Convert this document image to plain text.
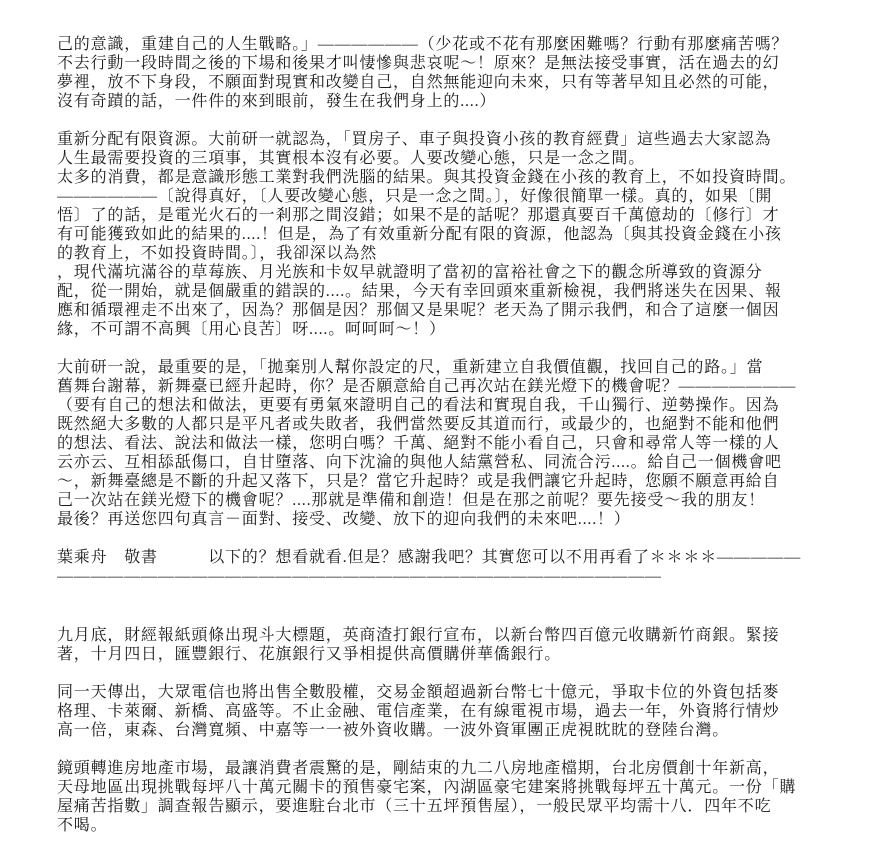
己的意識，重建自己的人生戰略。」——————（少花或不花有那麼困難嗎？行動有那麼痛苦嗎？
不去行動一段時間之後的下場和後果才叫悽慘與悲哀呢～！原來？是無法接受事實，活在過去的幻
夢裡，放不下身段，不願面對現實和改變自己，自然無能迎向未來，只有等著早知且必然的可能，
沒有奇蹟的話，一件件的來到眼前，發生在我們身上的....）
重新分配有限資源。大前研一就認為，「買房子、車子與投資小孩的教育經費」這些過去大家認為
人生最需要投資的三項事，其實根本沒有必要。人要改變心態，只是一念之間。
太多的消費，都是意識形態工業對我們洗腦的結果。與其投資金錢在小孩的教育上，不如投資時間。
——————〔說得真好，〔人要改變心態，只是一念之間。〕，好像很簡單一樣。真的，如果〔開
悟〕了的話，是電光火石的一剎那之間沒錯；如果不是的話呢？那還真要百千萬億劫的〔修行〕才
有可能獲致如此的結果的....！但是，為了有效重新分配有限的資源，他認為〔與其投資金錢在小孩
的教育上，不如投資時間。〕，我卻深以為然
，現代滿坑滿谷的草莓族、月光族和卡奴早就證明了當初的富裕社會之下的觀念所導致的資源分
配，從一開始，就是個嚴重的錯誤的....。結果，今天有幸回頭來重新檢視，我們將迷失在因果、報
應和循環裡走不出來了，因為？那個是因？那個又是果呢？老天為了開示我們，和合了這麼一個因
緣，不可謂不高興〔用心良苦〕呀....。呵呵呵～！）
大前研一說，最重要的是，「拋棄別人幫你設定的尺，重新建立自我價值觀，找回自己的路。」當
舊舞台謝幕，新舞臺已經升起時，你？是否願意給自己再次站在鎂光燈下的機會呢？———————
（要有自己的想法和做法，更要有勇氣來證明自己的看法和實現自我，千山獨行、逆勢操作。因為
既然絕大多數的人都只是平凡者或失敗者，我們當然要反其道而行，或最少的，也絕對不能和他們
的想法、看法、說法和做法一樣，您明白嗎？千萬、絕對不能小看自己，只會和尋常人等一樣的人
云亦云、互相舔舐傷口，自甘墮落、向下沈淪的與他人結黨營私、同流合污....。給自己一個機會吧
～，新舞臺總是不斷的升起又落下，只是？當它升起時？或是我們讓它升起時，您願不願意再給自
己一次站在鎂光燈下的機會呢？....那就是準備和創造！但是在那之前呢？要先接受～我的朋友！
最後？再送您四句真言－面對、接受、改變、放下的迎向我們的未來吧....！）
葉乘舟　敬書　　　以下的？想看就看.但是？感謝我吧？其實您可以不用再看了＊＊＊＊—————
————————————————————————————————————
九月底，財經報紙頭條出現斗大標題，英商渣打銀行宣布，以新台幣四百億元收購新竹商銀。緊接
著，十月四日，匯豐銀行、花旗銀行又爭相提供高價購併華僑銀行。
同一天傳出，大眾電信也將出售全數股權，交易金額超過新台幣七十億元，爭取卡位的外資包括麥
格理、卡萊爾、新橋、高盛等。不止金融、電信產業，在有線電視市場，過去一年，外資將行情炒
高一倍，東森、台灣寬頻、中嘉等一一被外資收購。一波外資軍團正虎視眈眈的登陸台灣。
鏡頭轉進房地產市場，最讓消費者震驚的是，剛結束的九二八房地產檔期，台北房價創十年新高，
天母地區出現挑戰每坪八十萬元關卡的預售豪宅案，內湖區豪宅建案將挑戰每坪五十萬元。一份「購
屋痛苦指數」調查報告顯示，要進駐台北市（三十五坪預售屋），一般民眾平均需十八．四年不吃
不喝。
